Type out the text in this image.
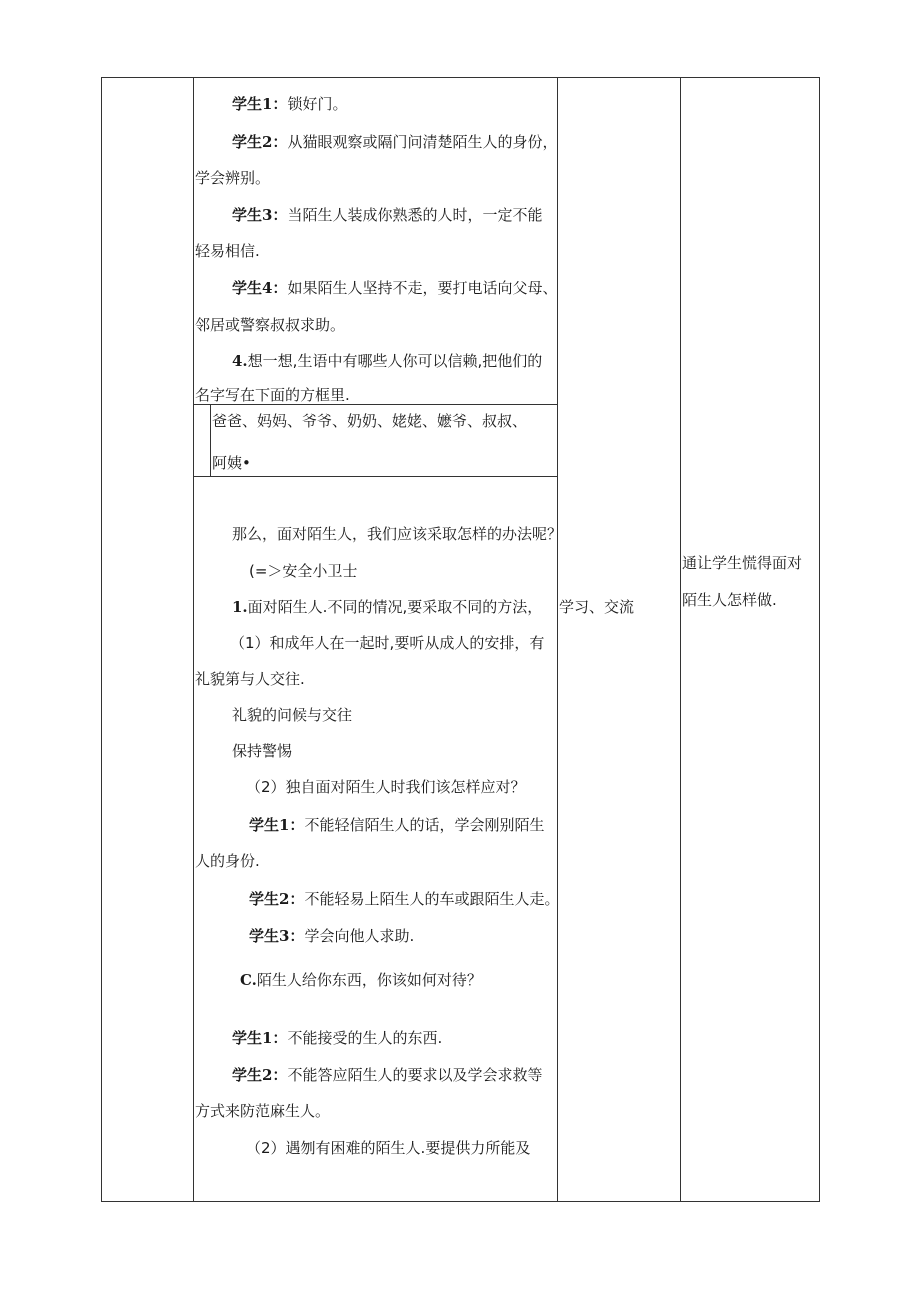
学生1：锁好门。
学生2：从猫眼观察或隔门问清楚陌生人的身份，
学会辨别。
学生3：当陌生人装成你熟悉的人时，一定不能
轻易相信.
学生4：如果陌生人坚持不走，要打电话向父母、
邻居或警察叔叔求助。
4.想一想,生语中有哪些人你可以信赖,把他们的
名字写在下面的方框里.
爸爸、妈妈、爷爷、奶奶、姥姥、嬷爷、叔叔、
阿姨•
那么，面对陌生人，我们应该采取怎样的办法呢？
(=＞安全小卫士
1.面对陌生人.不同的情况,要采取不同的方法，
（1）和成年人在一起时,要听从成人的安排，有
礼貌第与人交往.
礼貌的问候与交往
保持警惕
（2）独自面对陌生人时我们该怎样应对？
学生1：不能轻信陌生人的话，学会刚别陌生
人的身份.
学生2：不能轻易上陌生人的车或跟陌生人走。
学生3：学会向他人求助.
C.陌生人给你东西，你该如何对待？
学生1：不能接受的生人的东西.
学生2：不能答应陌生人的要求以及学会求救等
方式来防范麻生人。
（2）遇刎有困难的陌生人.要提供力所能及
学习、交流
通让学生慌得面对
陌生人怎样做.
